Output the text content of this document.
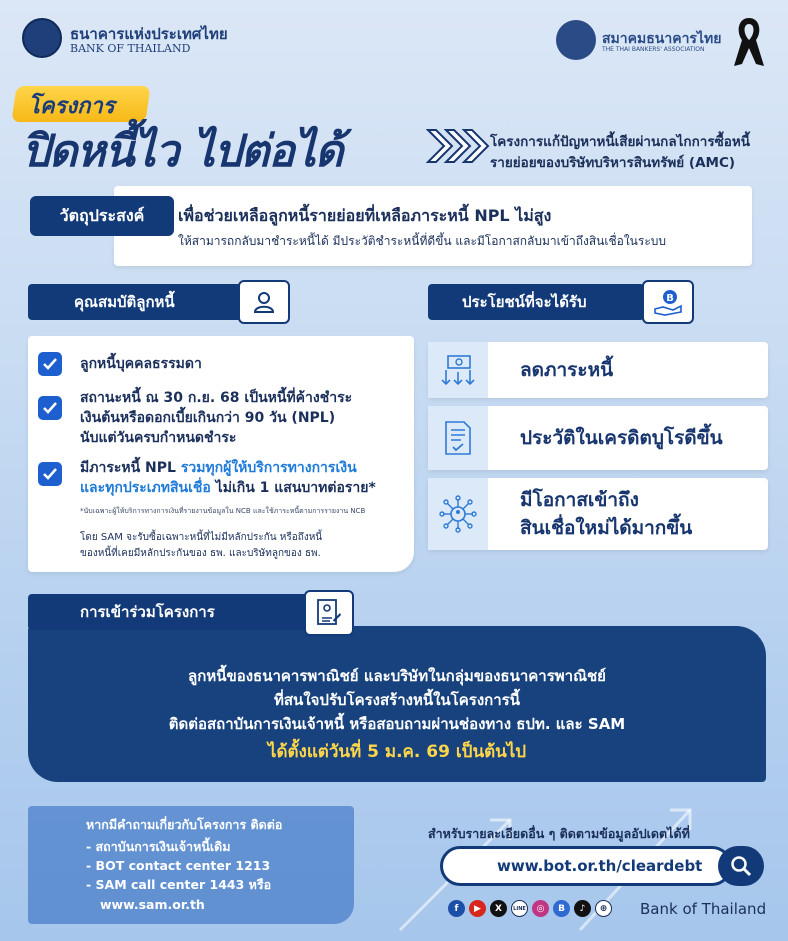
ธนาคารแห่งประเทศไทย
BANK OF THAILAND
สมาคมธนาคารไทย
THE THAI BANKERS' ASSOCIATION
โครงการ
ปิดหนี้ไว ไปต่อได้	โครงการแก้ปัญหาหนี้เสียผ่านกลไกการซื้อหนี้
รายย่อยของบริษัทบริหารสินทรัพย์ (AMC)
วัตถุประสงค์	เพื่อช่วยเหลือลูกหนี้รายย่อยที่เหลือภาระหนี้ NPL ไม่สูง
ให้สามารถกลับมาชำระหนี้ได้ มีประวัติชำระหนี้ที่ดีขึ้น และมีโอกาสกลับมาเข้าถึงสินเชื่อในระบบ
คุณสมบัติลูกหนี้
ลูกหนี้บุคคลธรรมดา
สถานะหนี้ ณ 30 ก.ย. 68 เป็นหนี้ที่ค้างชำระ
เงินต้นหรือดอกเบี้ยเกินกว่า 90 วัน (NPL)
นับแต่วันครบกำหนดชำระ
มีภาระหนี้ NPL รวมทุกผู้ให้บริการทางการเงิน
และทุกประเภทสินเชื่อ ไม่เกิน 1 แสนบาทต่อราย*
*นับเฉพาะผู้ให้บริการทางการเงินที่รายงานข้อมูลใน NCB และใช้ภาระหนี้ตามการรายงาน NCB
โดย SAM จะรับซื้อเฉพาะหนี้ที่ไม่มีหลักประกัน หรือถึงหนี้
ของหนี้ที่เคยมีหลักประกันของ ธพ. และบริษัทลูกของ ธพ.
ประโยชน์ที่จะได้รับ	B
ลดภาระหนี้
ประวัติในเครดิตบูโรดีขึ้น
มีโอกาสเข้าถึง
สินเชื่อใหม่ได้มากขึ้น
การเข้าร่วมโครงการ
ลูกหนี้ของธนาคารพาณิชย์ และบริษัทในกลุ่มของธนาคารพาณิชย์
ที่สนใจปรับโครงสร้างหนี้ในโครงการนี้
ติดต่อสถาบันการเงินเจ้าหนี้ หรือสอบถามผ่านช่องทาง ธปท. และ SAM
ได้ตั้งแต่วันที่ 5 ม.ค. 69 เป็นต้นไป
หากมีคำถามเกี่ยวกับโครงการ ติดต่อ
- สถาบันการเงินเจ้าหนี้เดิม
- BOT contact center 1213
- SAM call center 1443 หรือ
www.sam.or.th
สำหรับรายละเอียดอื่น ๆ ติดตามข้อมูลอัปเดตได้ที่
www.bot.or.th/cleardebt
f	▶	X	LINE	◎	B	♪	⊕	Bank of Thailand
